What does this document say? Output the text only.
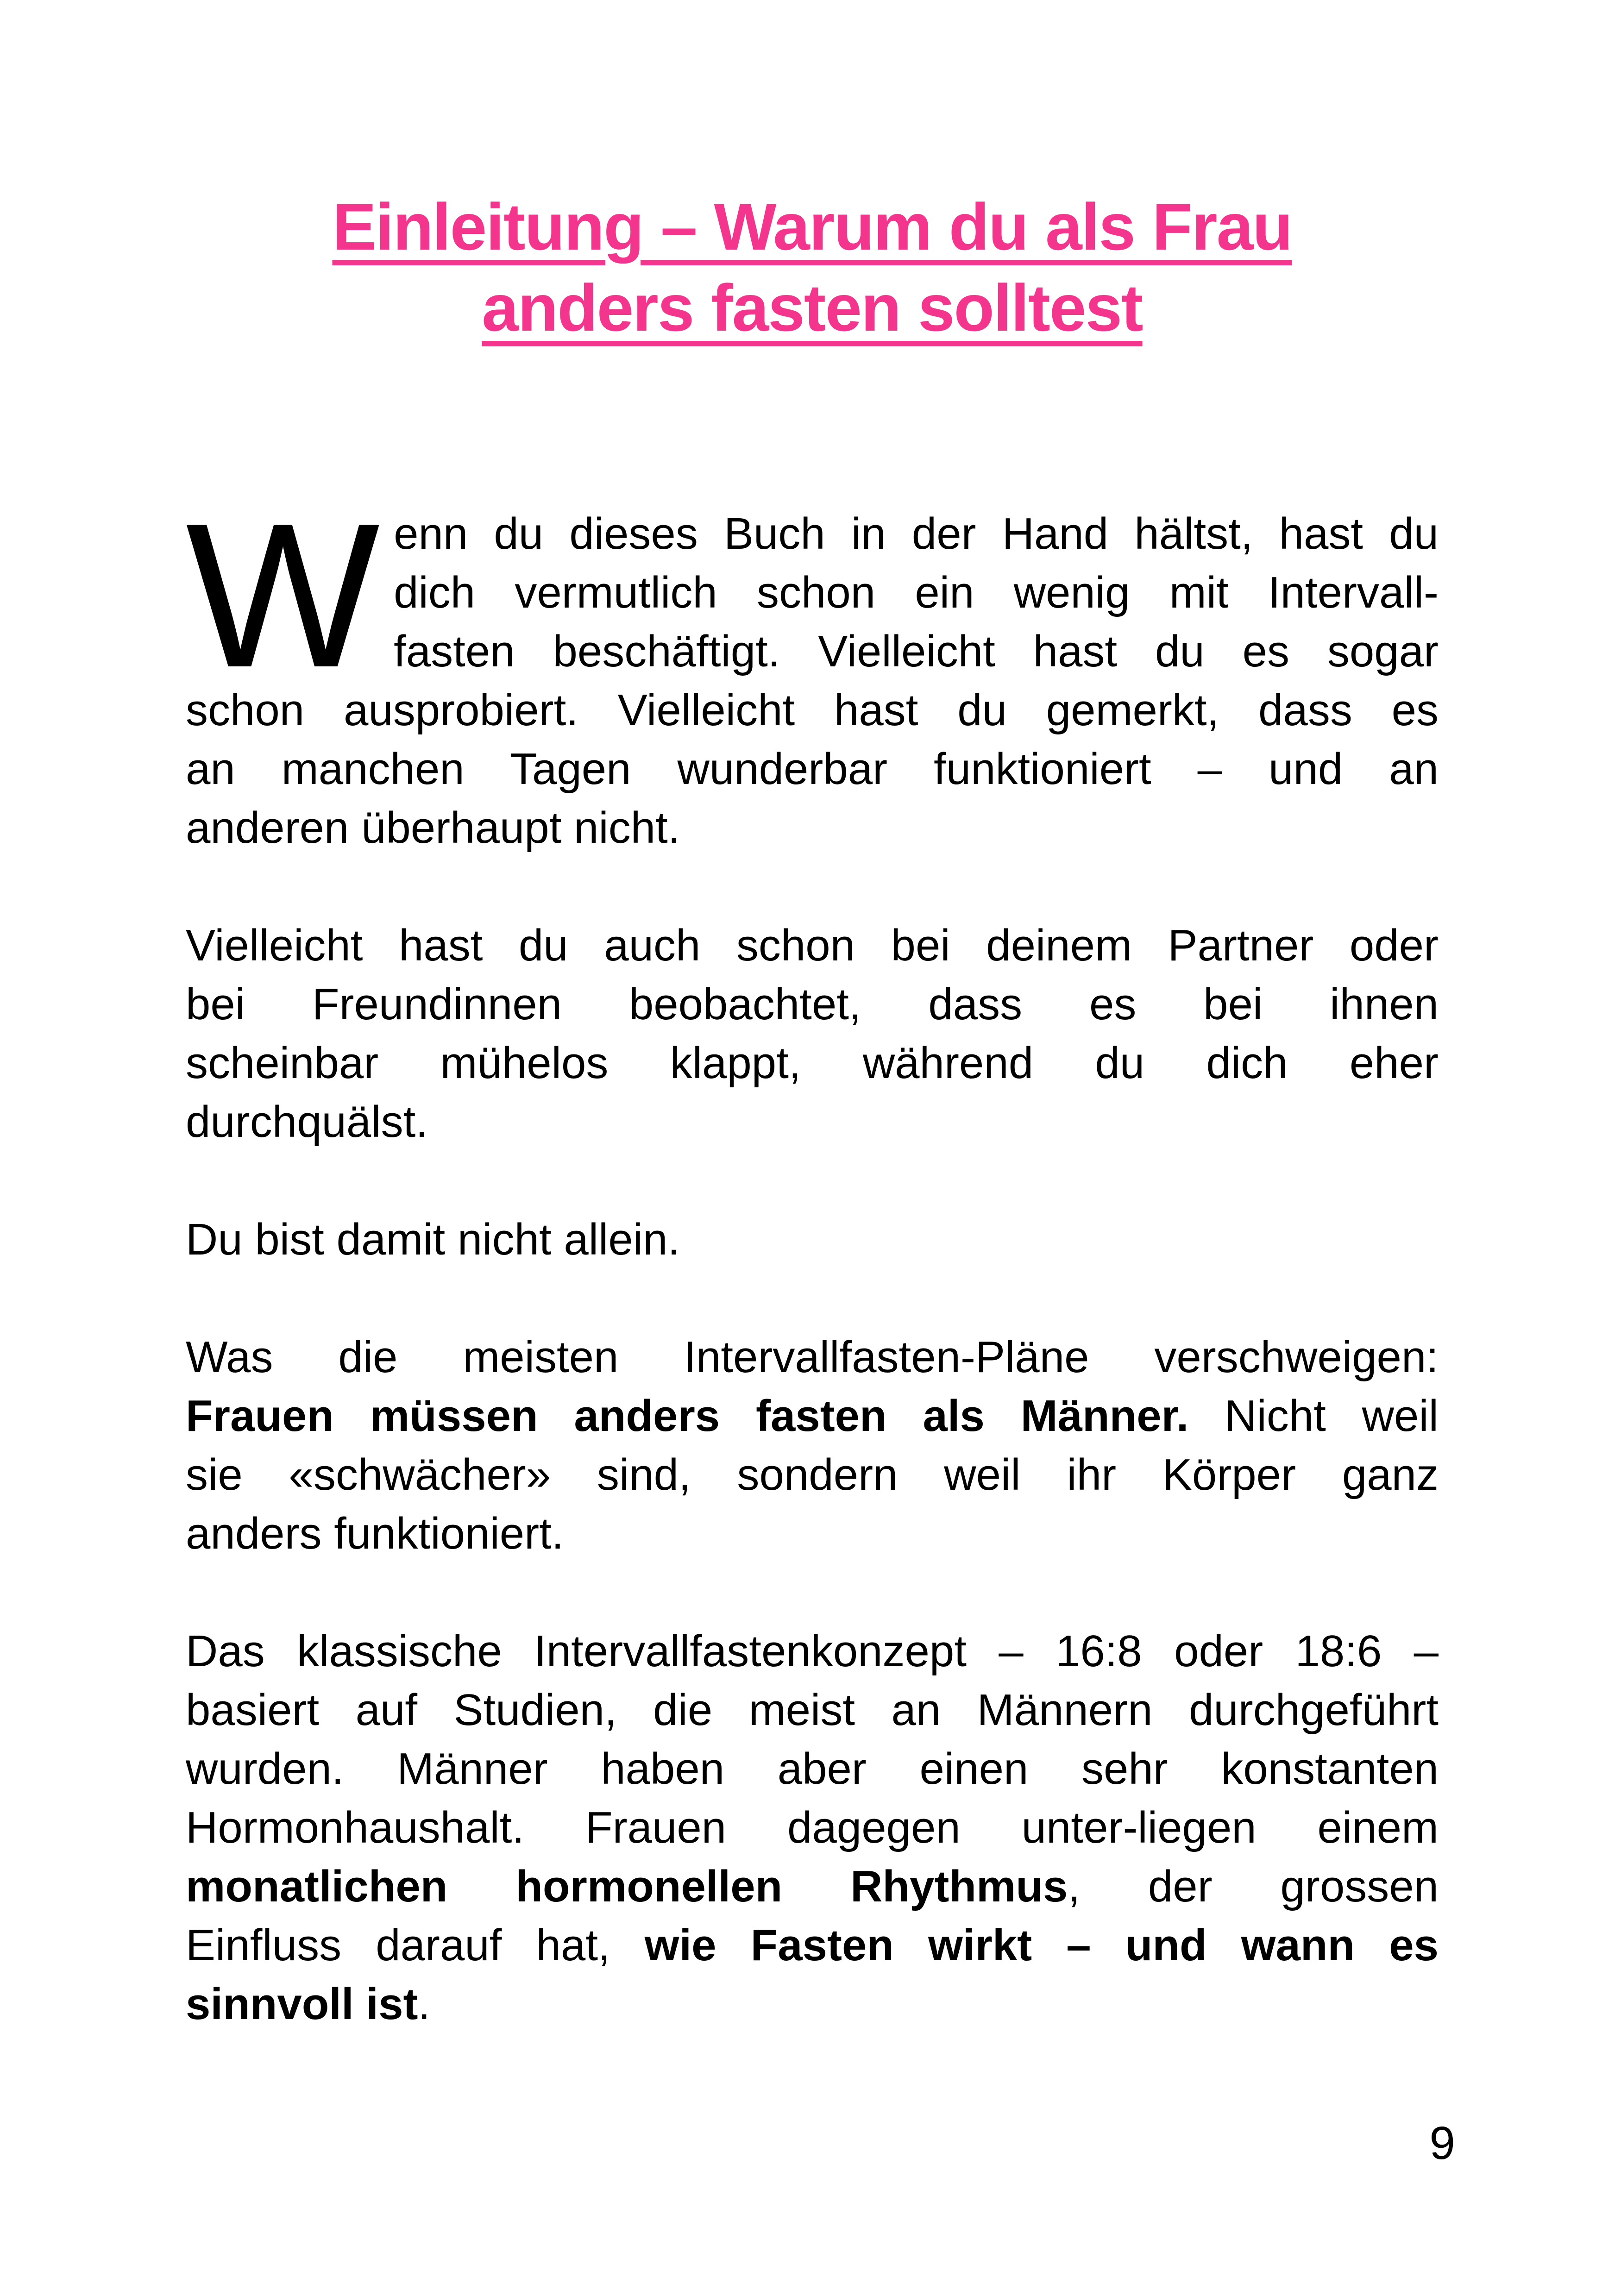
Einleitung – Warum du als Frau
anders fasten solltest
W enn du dieses Buch in der Hand hältst, hast du
dich vermutlich schon ein wenig mit Intervall-
fasten beschäftigt. Vielleicht hast du es sogar
schon ausprobiert. Vielleicht hast du gemerkt, dass es
an manchen Tagen wunderbar funktioniert – und an
anderen überhaupt nicht.
Vielleicht hast du auch schon bei deinem Partner oder
bei Freundinnen beobachtet, dass es bei ihnen
scheinbar mühelos klappt, während du dich eher
durchquälst.
Du bist damit nicht allein.
Was die meisten Intervallfasten-Pläne verschweigen:
Frauen müssen anders fasten als Männer. Nicht weil
sie «schwächer» sind, sondern weil ihr Körper ganz
anders funktioniert.
Das klassische Intervallfastenkonzept – 16:8 oder 18:6 –
basiert auf Studien, die meist an Männern durchgeführt
wurden. Männer haben aber einen sehr konstanten
Hormonhaushalt. Frauen dagegen unter-liegen einem
monatlichen hormonellen Rhythmus, der grossen
Einfluss darauf hat, wie Fasten wirkt – und wann es
sinnvoll ist.
9
